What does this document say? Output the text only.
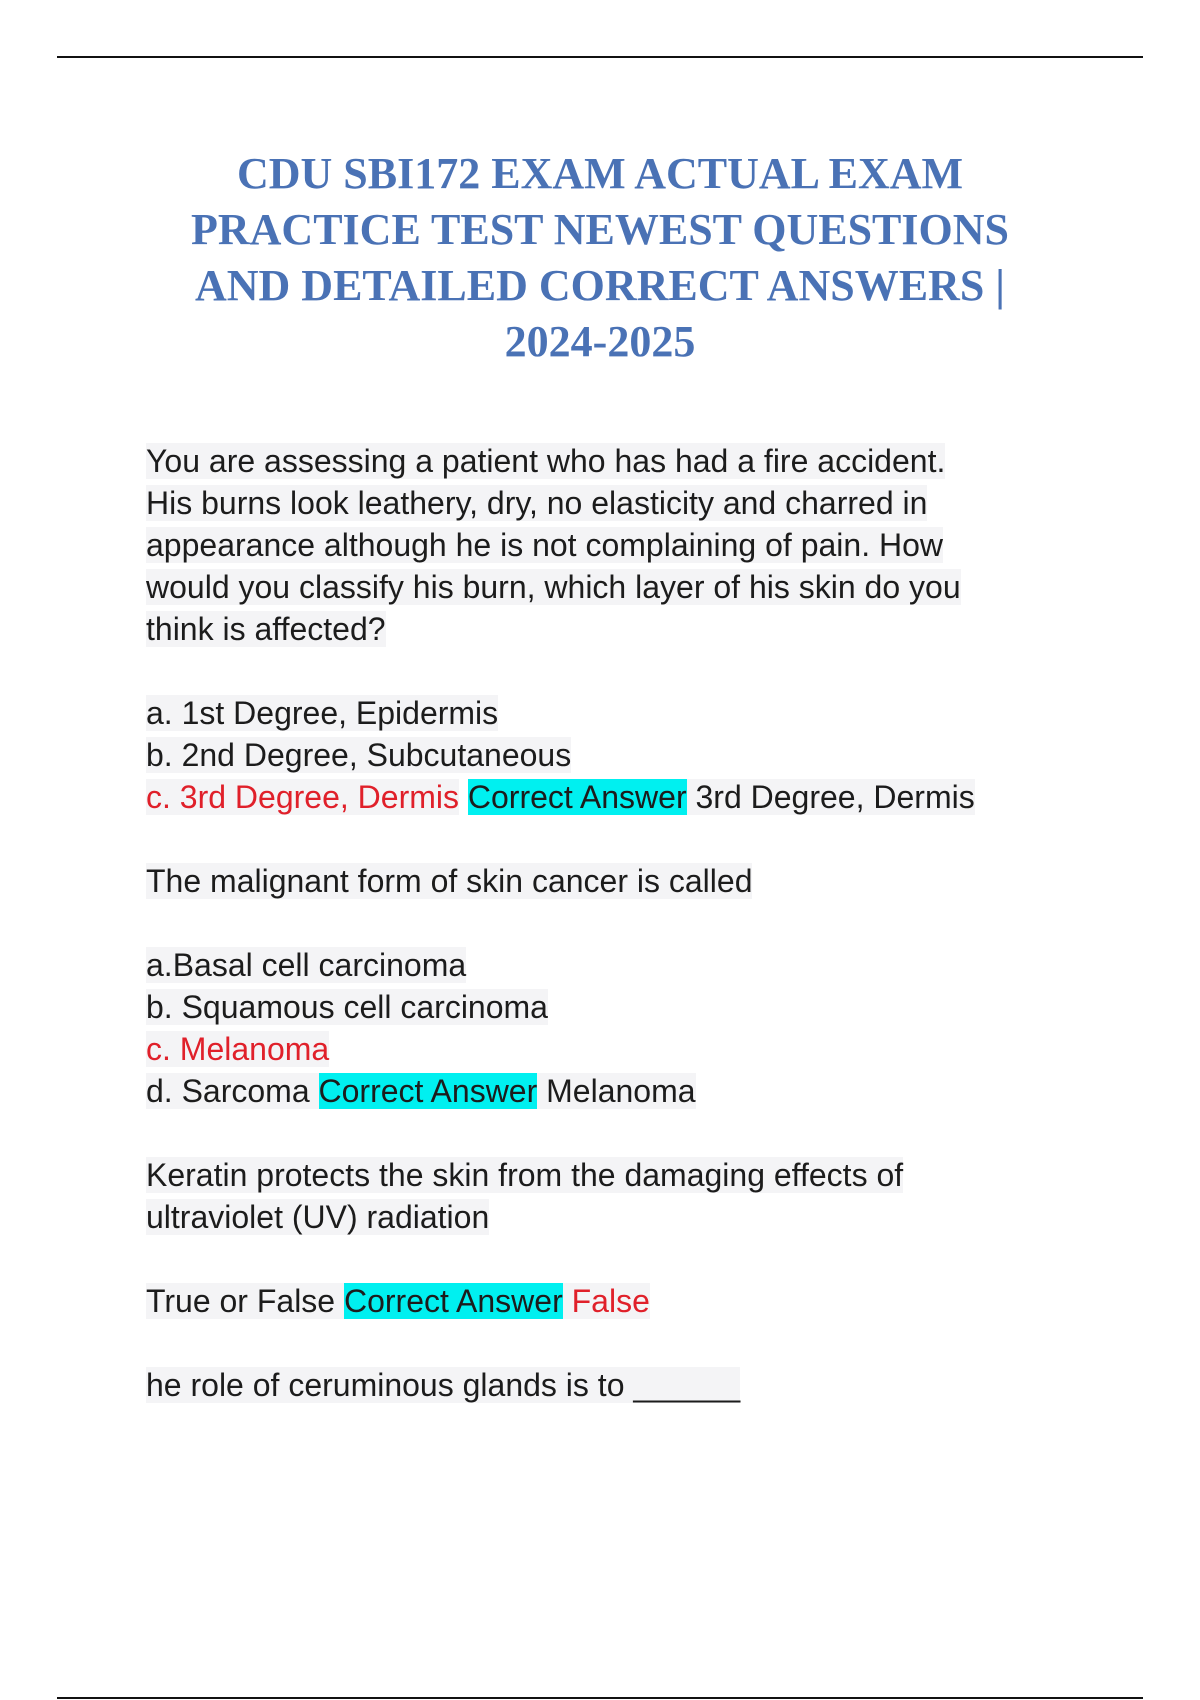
CDU SBI172 EXAM ACTUAL EXAM
PRACTICE TEST NEWEST QUESTIONS
AND DETAILED CORRECT ANSWERS |
2024-2025
You are assessing a patient who has had a fire accident.
His burns look leathery, dry, no elasticity and charred in
appearance although he is not complaining of pain. How
would you classify his burn, which layer of his skin do you
think is affected?
a. 1st Degree, Epidermis
b. 2nd Degree, Subcutaneous
c. 3rd Degree, Dermis Correct Answer 3rd Degree, Dermis
The malignant form of skin cancer is called
a.Basal cell carcinoma
b. Squamous cell carcinoma
c. Melanoma
d. Sarcoma Correct Answer Melanoma
Keratin protects the skin from the damaging effects of
ultraviolet (UV) radiation
True or False Correct Answer False
he role of ceruminous glands is to ______
